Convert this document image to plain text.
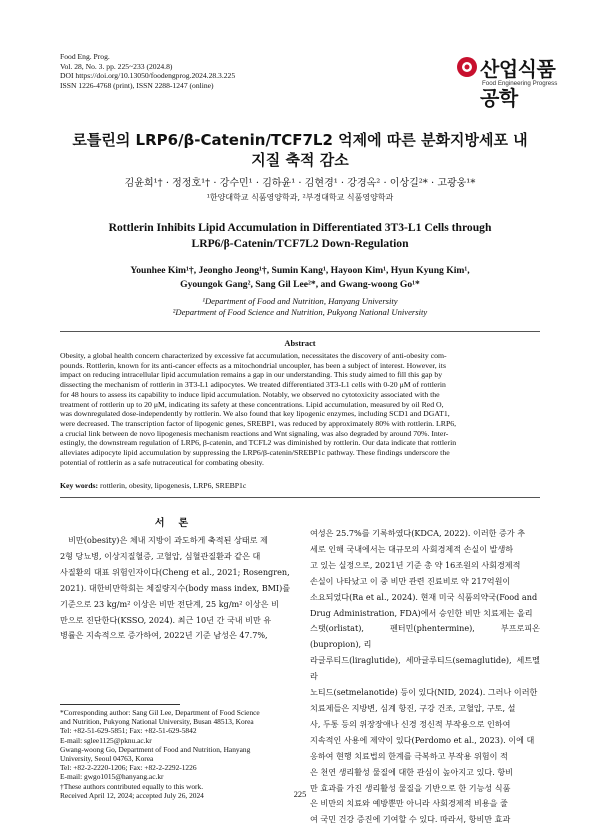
Food Eng. Prog.
Vol. 28, No. 3. pp. 225~233 (2024.8)
DOI https://doi.org/10.13050/foodengprog.2024.28.3.225
ISSN 1226-4768 (print), ISSN 2288-1247 (online)
산업식품공학
Food Engineering Progress
로틀린의 LRP6/β-Catenin/TCF7L2 억제에 따른 분화지방세포 내
지질 축적 감소
김윤희¹† · 정정호¹† · 강수민¹ · 김하윤¹ · 김현경¹ · 강경옥² · 이상길²* · 고광웅¹*
¹한양대학교 식품영양학과, ²부경대학교 식품영양학과
Rottlerin Inhibits Lipid Accumulation in Differentiated 3T3-L1 Cells through
LRP6/β-Catenin/TCF7L2 Down-Regulation
Younhee Kim¹†, Jeongho Jeong¹†, Sumin Kang¹, Hayoon Kim¹, Hyun Kyung Kim¹,
Gyoungok Gang², Sang Gil Lee²*, and Gwang-woong Go¹*
¹Department of Food and Nutrition, Hanyang University
²Department of Food Science and Nutrition, Pukyong National University
Abstract
Obesity, a global health concern characterized by excessive fat accumulation, necessitates the discovery of anti-obesity com-
pounds. Rottlerin, known for its anti-cancer effects as a mitochondrial uncoupler, has been a subject of interest. However, its
impact on reducing intracellular lipid accumulation remains a gap in our understanding. This study aimed to fill this gap by
dissecting the mechanism of rottlerin in 3T3-L1 adipocytes. We treated differentiated 3T3-L1 cells with 0-20 μM of rottlerin
for 48 hours to assess its capability to induce lipid accumulation. Notably, we observed no cytotoxicity associated with the
treatment of rottlerin up to 20 μM, indicating its safety at these concentrations. Lipid accumulation, measured by oil Red O,
was downregulated dose-independently by rottlerin. We also found that key lipogenic enzymes, including SCD1 and DGAT1,
were decreased. The transcription factor of lipogenic genes, SREBP1, was reduced by approximately 80% with rottlerin. LRP6,
a crucial link between de novo lipogenesis mechanism reactions and Wnt signaling, was also degraded by around 70%. Inter-
estingly, the downstream regulation of LRP6, β-catenin, and TCFL2 was diminished by rottlerin. Our data indicate that rottlerin
alleviates adipocyte lipid accumulation by suppressing the LRP6/β-catenin/SREBP1c pathway. These findings underscore the
potential of rottlerin as a safe nutraceutical for combating obesity.
Key words: rottlerin, obesity, lipogenesis, LRP6, SREBP1c
서론
비만(obesity)은 체내 지방이 과도하게 축적된 상태로 제
2형 당뇨병, 이상지질혈증, 고혈압, 심혈관질환과 같은 대
사질환의 대표 위험인자이다(Cheng et al., 2021; Rosengren,
2021). 대한비만학회는 체질량지수(body mass index, BMI)를
기준으로 23 kg/m² 이상은 비만 전단계, 25 kg/m² 이상은 비
만으로 진단한다(KSSO, 2024). 최근 10년 간 국내 비만 유
병률은 지속적으로 증가하여, 2022년 기준 남성은 47.7%,
여성은 25.7%를 기록하였다(KDCA, 2022). 이러한 증가 추
세로 인해 국내에서는 대규모의 사회경제적 손실이 발생하
고 있는 실정으로, 2021년 기준 총 약 16조원의 사회경제적
손실이 나타났고 이 중 비만 관련 진료비로 약 217억원이
소요되었다(Ra et al., 2024). 현재 미국 식품의약국(Food and
Drug Administration, FDA)에서 승인한 비만 치료제는 올리
스탯(orlistat), 펜터민(phentermine), 부프로피온(bupropion), 리
라글루티드(liraglutide), 세마글루티드(semaglutide), 세트멜라
노티드(setmelanotide) 등이 있다(NID, 2024). 그러나 이러한
치료제들은 지방변, 심계 항진, 구강 건조, 고혈압, 구토, 설
사, 두통 등의 위장장애나 신경 정신적 부작용으로 인하여
지속적인 사용에 제약이 있다(Perdomo et al., 2023). 이에 대
응하여 현행 치료법의 한계를 극복하고 부작용 위험이 적
은 천연 생리활성 물질에 대한 관심이 높아지고 있다. 항비
만 효과를 가진 생리활성 물질을 기반으로 한 기능성 식품
은 비만의 치료와 예방뿐만 아니라 사회경제적 비용을 줄
여 국민 건강 증진에 기여할 수 있다. 따라서, 항비만 효과
*Corresponding author: Sang Gil Lee, Department of Food Science
and Nutrition, Pukyong National University, Busan 48513, Korea
Tel: +82-51-629-5851; Fax: +82-51-629-5842
E-mail: sglee1125@pknu.ac.kr
Gwang-woong Go, Department of Food and Nutrition, Hanyang
University, Seoul 04763, Korea
Tel: +82-2-2220-1206; Fax: +82-2-2292-1226
E-mail: gwgo1015@hanyang.ac.kr
†These authors contributed equally to this work.
Received April 12, 2024; accepted July 26, 2024	225
